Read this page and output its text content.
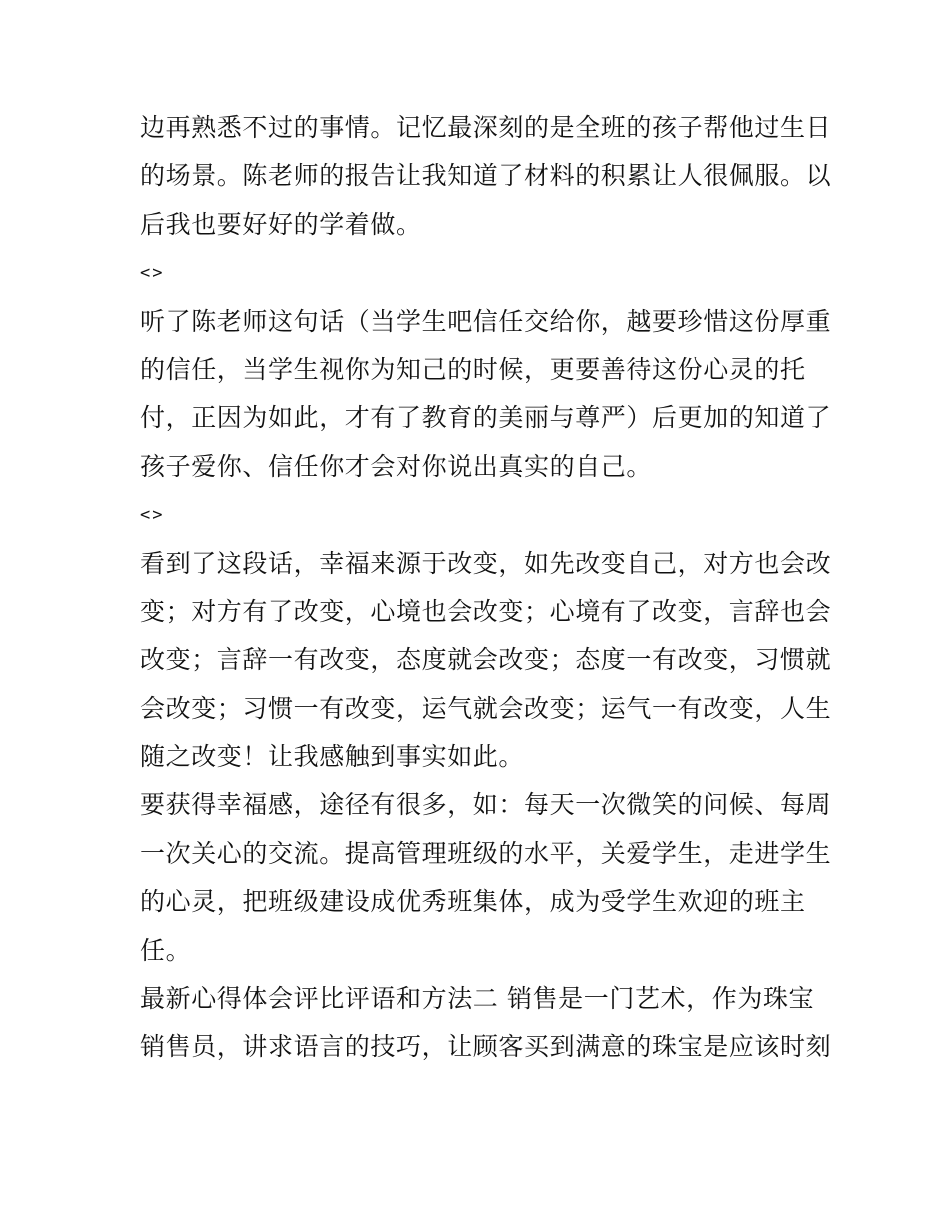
边再熟悉不过的事情。记忆最深刻的是全班的孩子帮他过生日
的场景。陈老师的报告让我知道了材料的积累让人很佩服。以
后我也要好好的学着做。
<>
听了陈老师这句话（当学生吧信任交给你，越要珍惜这份厚重
的信任，当学生视你为知己的时候，更要善待这份心灵的托
付，正因为如此，才有了教育的美丽与尊严）后更加的知道了
孩子爱你、信任你才会对你说出真实的自己。
<>
看到了这段话，幸福来源于改变，如先改变自己，对方也会改
变；对方有了改变，心境也会改变；心境有了改变，言辞也会
改变；言辞一有改变，态度就会改变；态度一有改变，习惯就
会改变；习惯一有改变，运气就会改变；运气一有改变，人生
随之改变！让我感触到事实如此。
要获得幸福感，途径有很多，如：每天一次微笑的问候、每周
一次关心的交流。提高管理班级的水平，关爱学生，走进学生
的心灵，把班级建设成优秀班集体，成为受学生欢迎的班主
任。
最新心得体会评比评语和方法二 销售是一门艺术，作为珠宝
销售员，讲求语言的技巧，让顾客买到满意的珠宝是应该时刻
